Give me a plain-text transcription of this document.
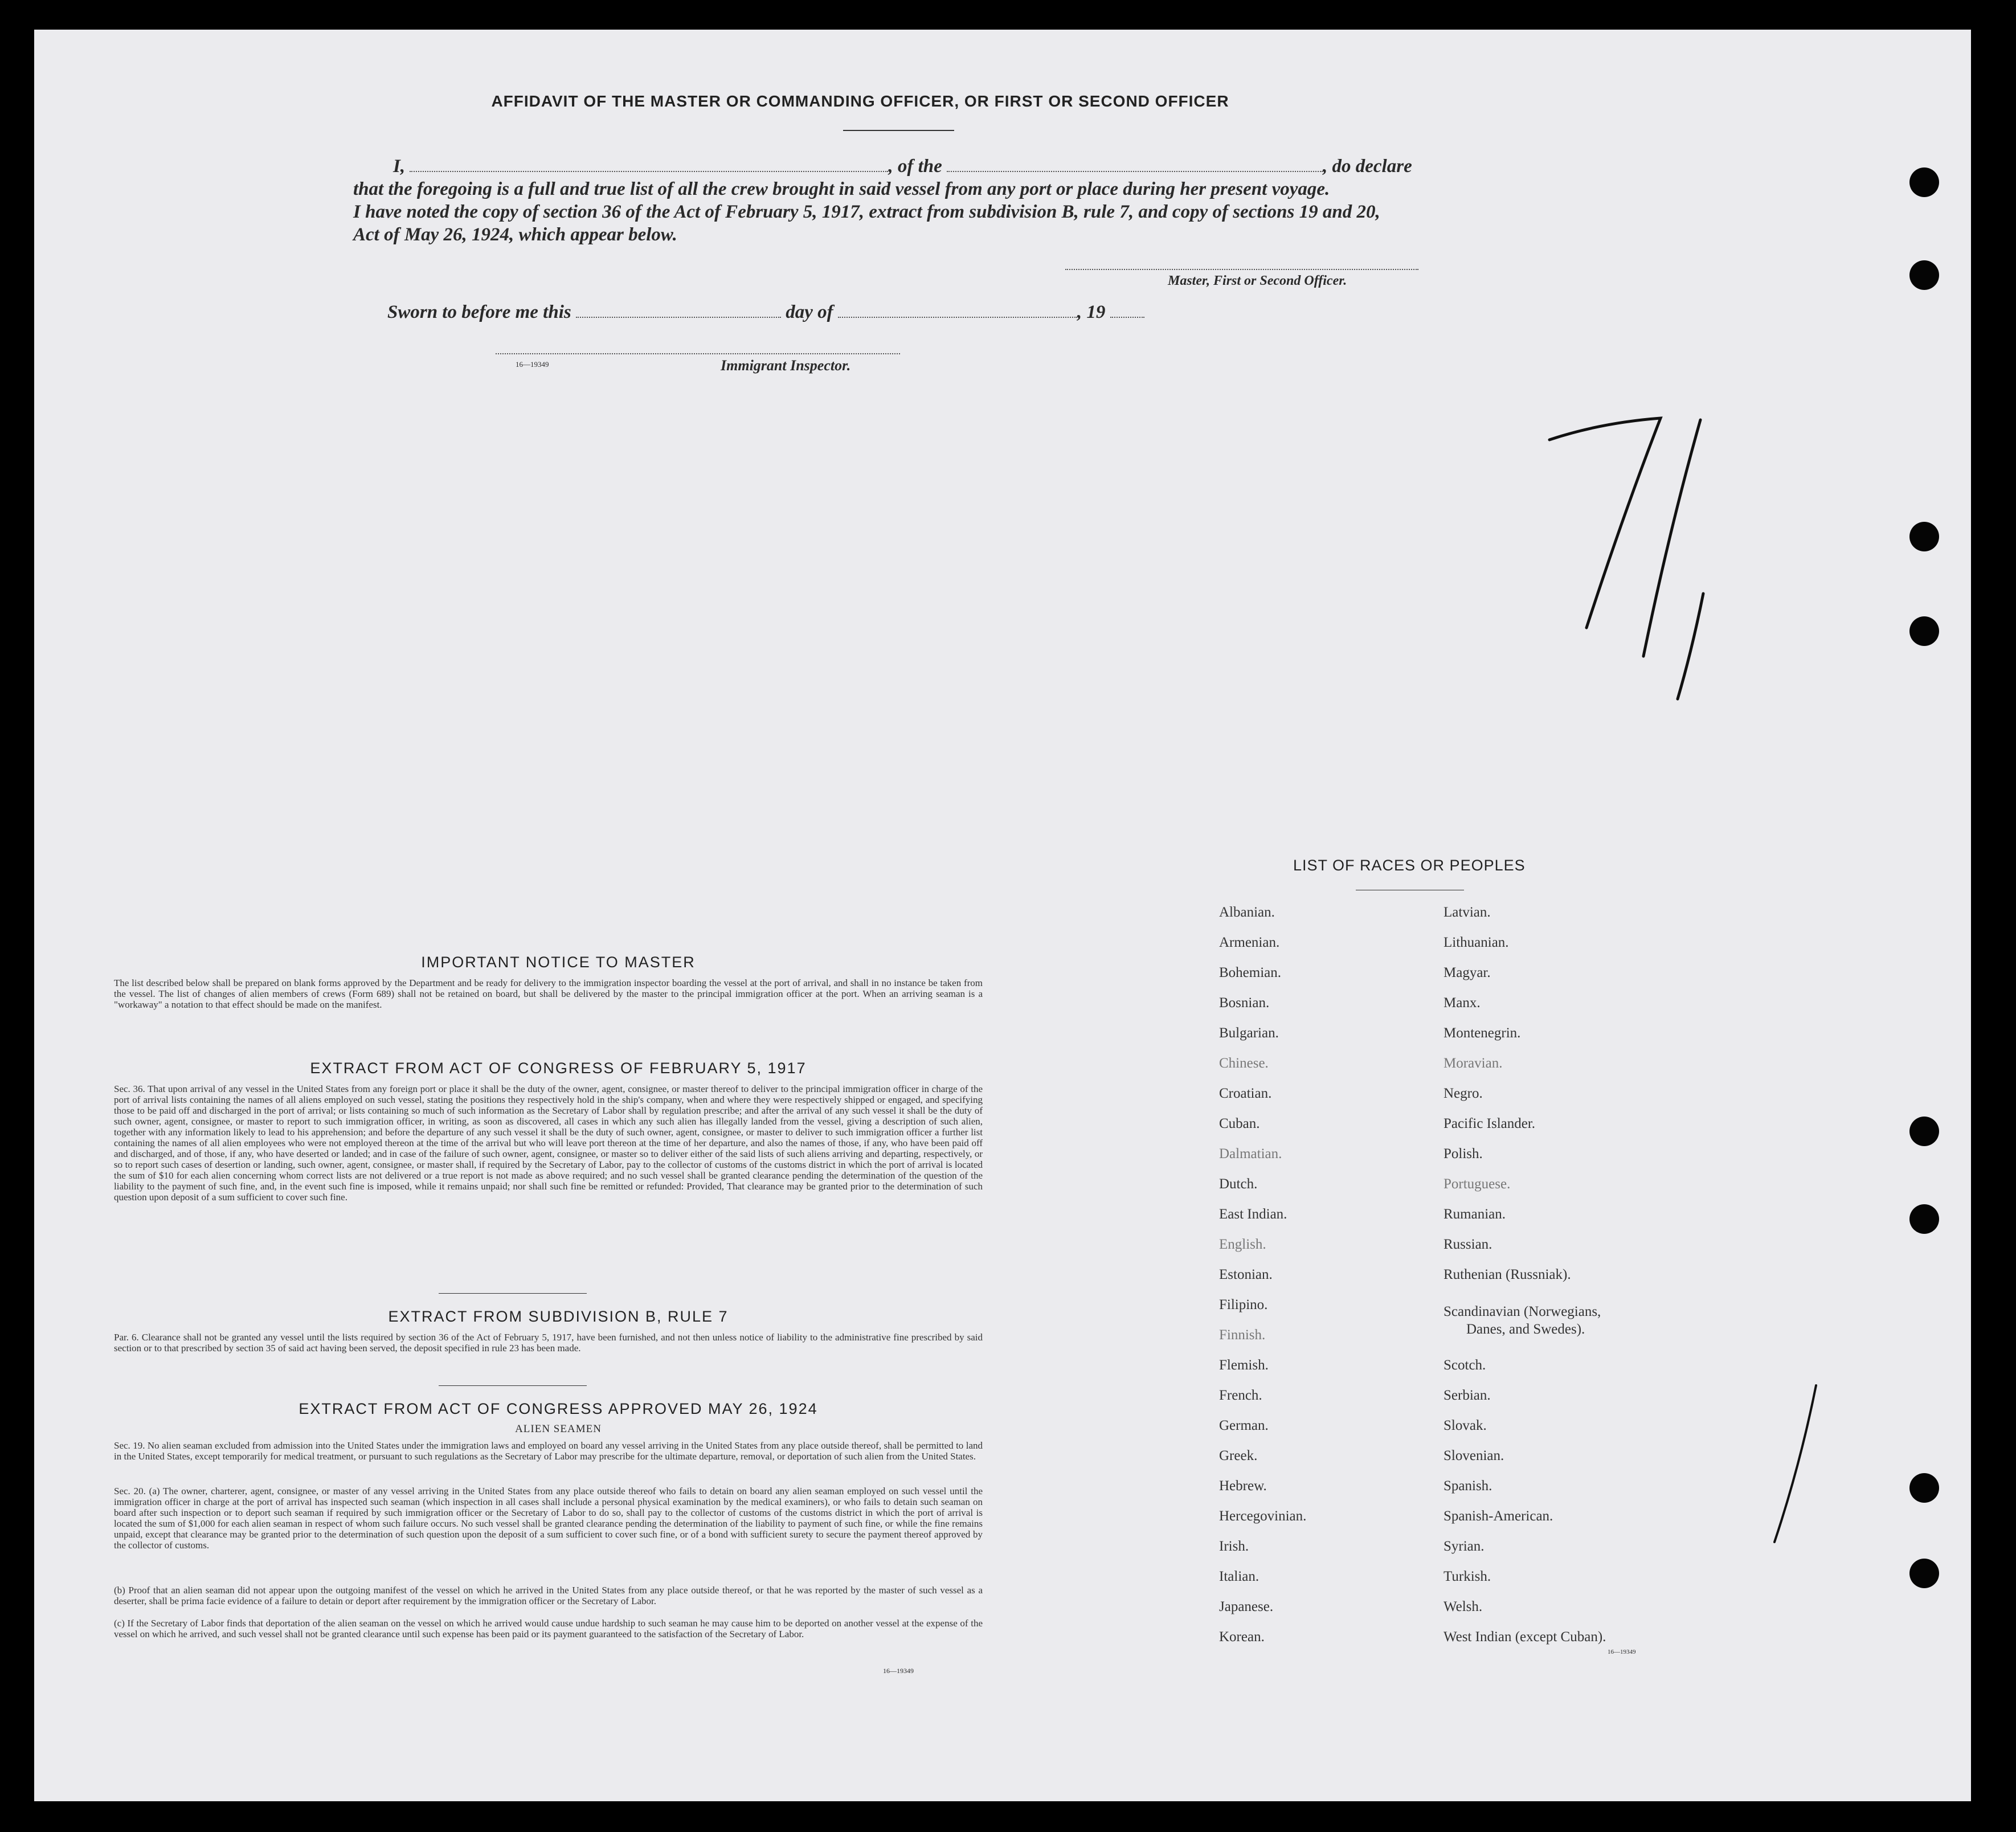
AFFIDAVIT OF THE MASTER OR COMMANDING OFFICER, OR FIRST OR SECOND OFFICER
I,	, of the	, do declare
that the foregoing is a full and true list of all the crew brought in said vessel from any port or place during her present voyage.
I have noted the copy of section 36 of the Act of February 5, 1917, extract from subdivision B, rule 7, and copy of sections 19 and 20,
Act of May 26, 1924, which appear below.
Master, First or Second Officer.
Sworn to before me this	day of	, 19
16—19349	Immigrant Inspector.
71
IMPORTANT NOTICE TO MASTER
The list described below shall be prepared on blank forms approved by the Department and be ready for delivery to the immigration inspector boarding the vessel at the port of arrival, and shall in no instance be taken from the vessel. The list of changes of alien members of crews (Form 689) shall not be retained on board, but shall be delivered by the master to the principal immigration officer at the port. When an arriving seaman is a "workaway" a notation to that effect should be made on the manifest.
EXTRACT FROM ACT OF CONGRESS OF FEBRUARY 5, 1917
Sec. 36. That upon arrival of any vessel in the United States from any foreign port or place it shall be the duty of the owner, agent, consignee, or master thereof to deliver to the principal immigration officer in charge of the port of arrival lists containing the names of all aliens employed on such vessel, stating the positions they respectively hold in the ship's company, when and where they were respectively shipped or engaged, and specifying those to be paid off and discharged in the port of arrival; or lists containing so much of such information as the Secretary of Labor shall by regulation prescribe; and after the arrival of any such vessel it shall be the duty of such owner, agent, consignee, or master to report to such immigration officer, in writing, as soon as discovered, all cases in which any such alien has illegally landed from the vessel, giving a description of such alien, together with any information likely to lead to his apprehension; and before the departure of any such vessel it shall be the duty of such owner, agent, consignee, or master to deliver to such immigration officer a further list containing the names of all alien employees who were not employed thereon at the time of the arrival but who will leave port thereon at the time of her departure, and also the names of those, if any, who have been paid off and discharged, and of those, if any, who have deserted or landed; and in case of the failure of such owner, agent, consignee, or master so to deliver either of the said lists of such aliens arriving and departing, respectively, or so to report such cases of desertion or landing, such owner, agent, consignee, or master shall, if required by the Secretary of Labor, pay to the collector of customs of the customs district in which the port of arrival is located the sum of $10 for each alien concerning whom correct lists are not delivered or a true report is not made as above required; and no such vessel shall be granted clearance pending the determination of the question of the liability to the payment of such fine, and, in the event such fine is imposed, while it remains unpaid; nor shall such fine be remitted or refunded: Provided, That clearance may be granted prior to the determination of such question upon deposit of a sum sufficient to cover such fine.
EXTRACT FROM SUBDIVISION B, RULE 7
Par. 6. Clearance shall not be granted any vessel until the lists required by section 36 of the Act of February 5, 1917, have been furnished, and not then unless notice of liability to the administrative fine prescribed by said section or to that prescribed by section 35 of said act having been served, the deposit specified in rule 23 has been made.
EXTRACT FROM ACT OF CONGRESS APPROVED MAY 26, 1924
ALIEN SEAMEN
Sec. 19. No alien seaman excluded from admission into the United States under the immigration laws and employed on board any vessel arriving in the United States from any place outside thereof, shall be permitted to land in the United States, except temporarily for medical treatment, or pursuant to such regulations as the Secretary of Labor may prescribe for the ultimate departure, removal, or deportation of such alien from the United States.
Sec. 20. (a) The owner, charterer, agent, consignee, or master of any vessel arriving in the United States from any place outside thereof who fails to detain on board any alien seaman employed on such vessel until the immigration officer in charge at the port of arrival has inspected such seaman (which inspection in all cases shall include a personal physical examination by the medical examiners), or who fails to detain such seaman on board after such inspection or to deport such seaman if required by such immigration officer or the Secretary of Labor to do so, shall pay to the collector of customs of the customs district in which the port of arrival is located the sum of $1,000 for each alien seaman in respect of whom such failure occurs. No such vessel shall be granted clearance pending the determination of the liability to payment of such fine, or while the fine remains unpaid, except that clearance may be granted prior to the determination of such question upon the deposit of a sum sufficient to cover such fine, or of a bond with sufficient surety to secure the payment thereof approved by the collector of customs.
(b) Proof that an alien seaman did not appear upon the outgoing manifest of the vessel on which he arrived in the United States from any place outside thereof, or that he was reported by the master of such vessel as a deserter, shall be prima facie evidence of a failure to detain or deport after requirement by the immigration officer or the Secretary of Labor.
(c) If the Secretary of Labor finds that deportation of the alien seaman on the vessel on which he arrived would cause undue hardship to such seaman he may cause him to be deported on another vessel at the expense of the vessel on which he arrived, and such vessel shall not be granted clearance until such expense has been paid or its payment guaranteed to the satisfaction of the Secretary of Labor.
16—19349
LIST OF RACES OR PEOPLES
Albanian.
Armenian.
Bohemian.
Bosnian.
Bulgarian.
Chinese.
Croatian.
Cuban.
Dalmatian.
Dutch.
East Indian.
English.
Estonian.
Filipino.
Finnish.
Flemish.
French.
German.
Greek.
Hebrew.
Hercegovinian.
Irish.
Italian.
Japanese.
Korean.
Latvian.
Lithuanian.
Magyar.
Manx.
Montenegrin.
Moravian.
Negro.
Pacific Islander.
Polish.
Portuguese.
Rumanian.
Russian.
Ruthenian (Russniak).
Scandinavian (Norwegians,
Danes, and Swedes).
Scotch.
Serbian.
Slovak.
Slovenian.
Spanish.
Spanish-American.
Syrian.
Turkish.
Welsh.
West Indian (except Cuban).
16—19349
